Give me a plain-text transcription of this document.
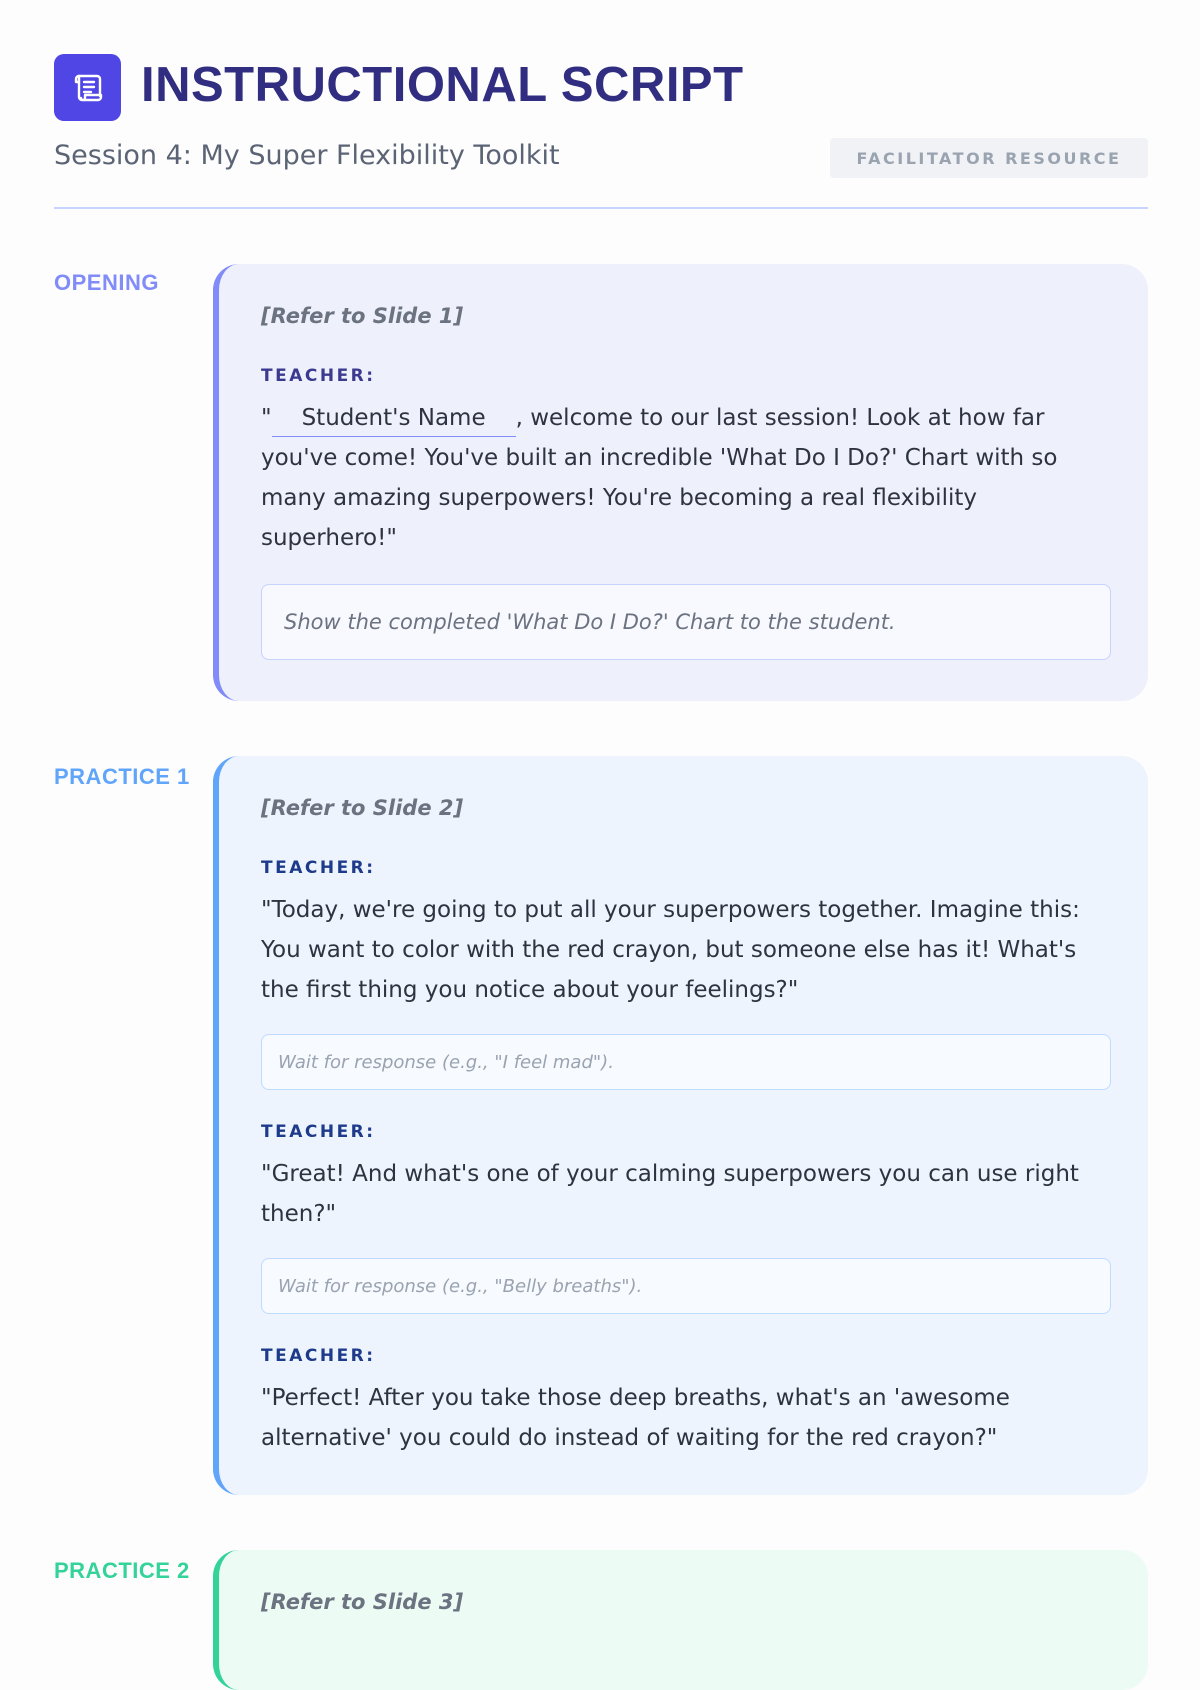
INSTRUCTIONAL SCRIPT
Session 4: My Super Flexibility Toolkit	FACILITATOR RESOURCE
OPENING
[Refer to Slide 1]
TEACHER:
" Student's Name , welcome to our last session! Look at how far you've come! You've built an incredible 'What Do I Do?' Chart with so many amazing superpowers! You're becoming a real flexibility superhero!"
Show the completed 'What Do I Do?' Chart to the student.
PRACTICE 1
[Refer to Slide 2]
TEACHER:
"Today, we're going to put all your superpowers together. Imagine this: You want to color with the red crayon, but someone else has it! What's the first thing you notice about your feelings?"
Wait for response (e.g., "I feel mad").
TEACHER:
"Great! And what's one of your calming superpowers you can use right then?"
Wait for response (e.g., "Belly breaths").
TEACHER:
"Perfect! After you take those deep breaths, what's an 'awesome alternative' you could do instead of waiting for the red crayon?"
PRACTICE 2
[Refer to Slide 3]
